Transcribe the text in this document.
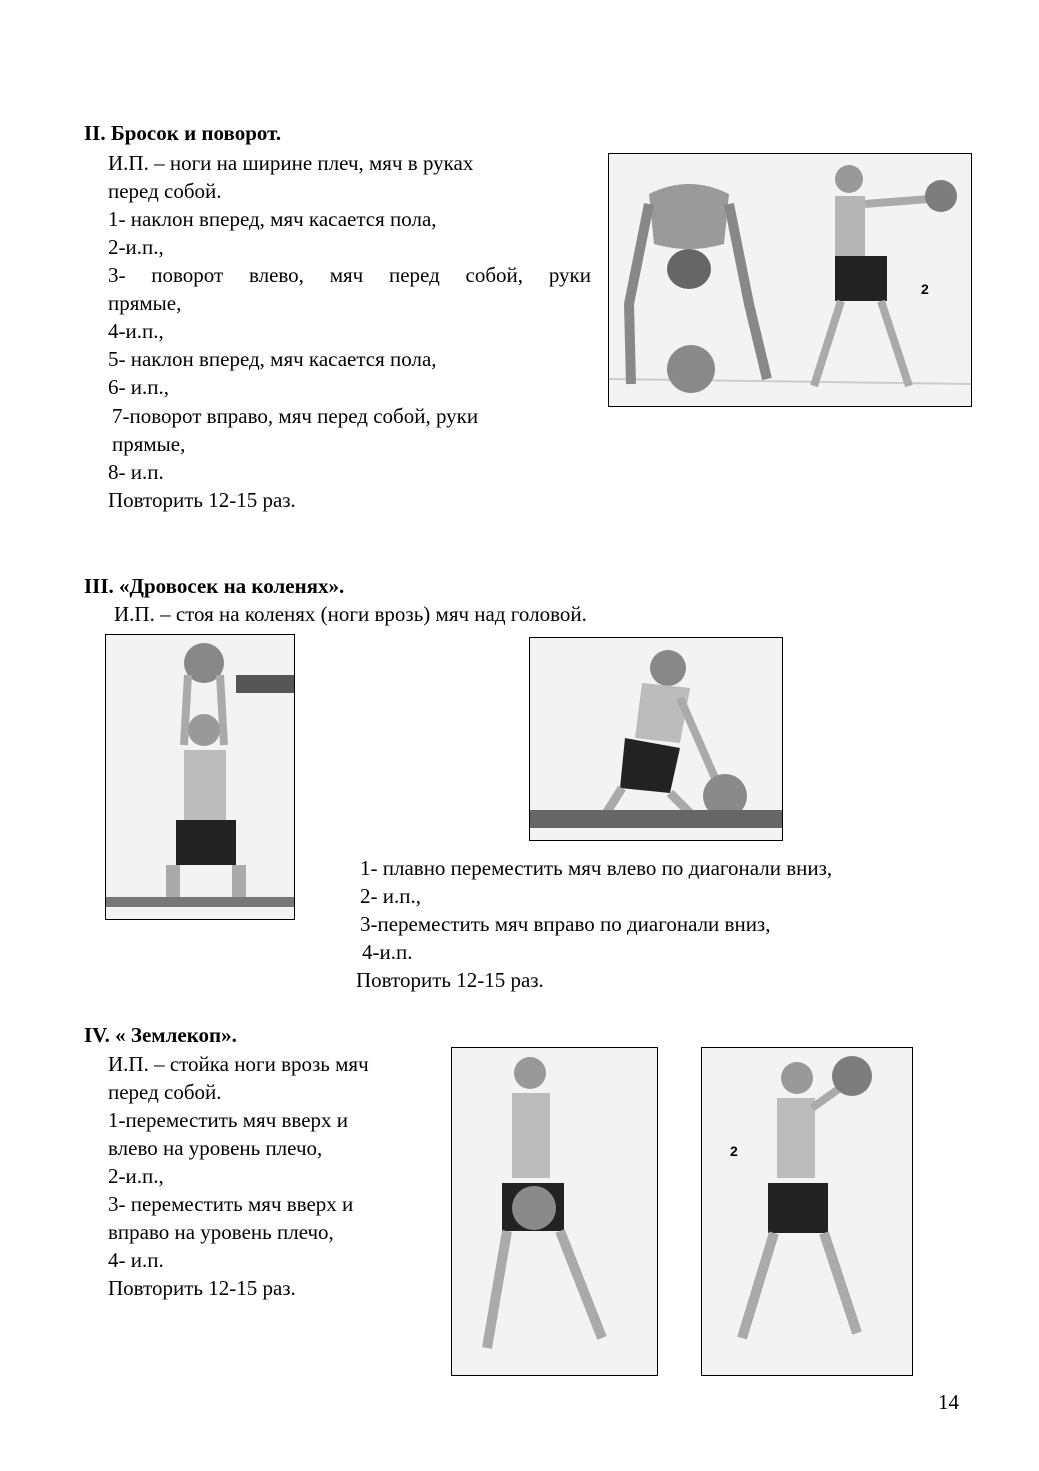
II. Бросок и поворот.
И.П. – ноги на ширине плеч, мяч в руках
перед собой.
1- наклон вперед, мяч касается пола,
2-и.п.,
3- поворот влево, мяч перед собой, руки
прямые,
4-и.п.,
5- наклон вперед, мяч касается пола,
6- и.п.,
7-поворот вправо, мяч перед собой, руки
прямые,
8- и.п.
Повторить 12-15 раз.
2
III. «Дровосек на коленях».
И.П. – стоя на коленях (ноги врозь) мяч над головой.
1- плавно переместить мяч влево по диагонали вниз,
2- и.п.,
3-переместить мяч вправо по диагонали вниз,
4-и.п.
Повторить 12-15 раз.
IV. « Землекоп».
И.П. – стойка ноги врозь мяч
перед собой.
1-переместить мяч вверх и
влево на уровень плечо,
2-и.п.,
3- переместить мяч вверх и
вправо на уровень плечо,
4- и.п.
Повторить 12-15 раз.
2
14
